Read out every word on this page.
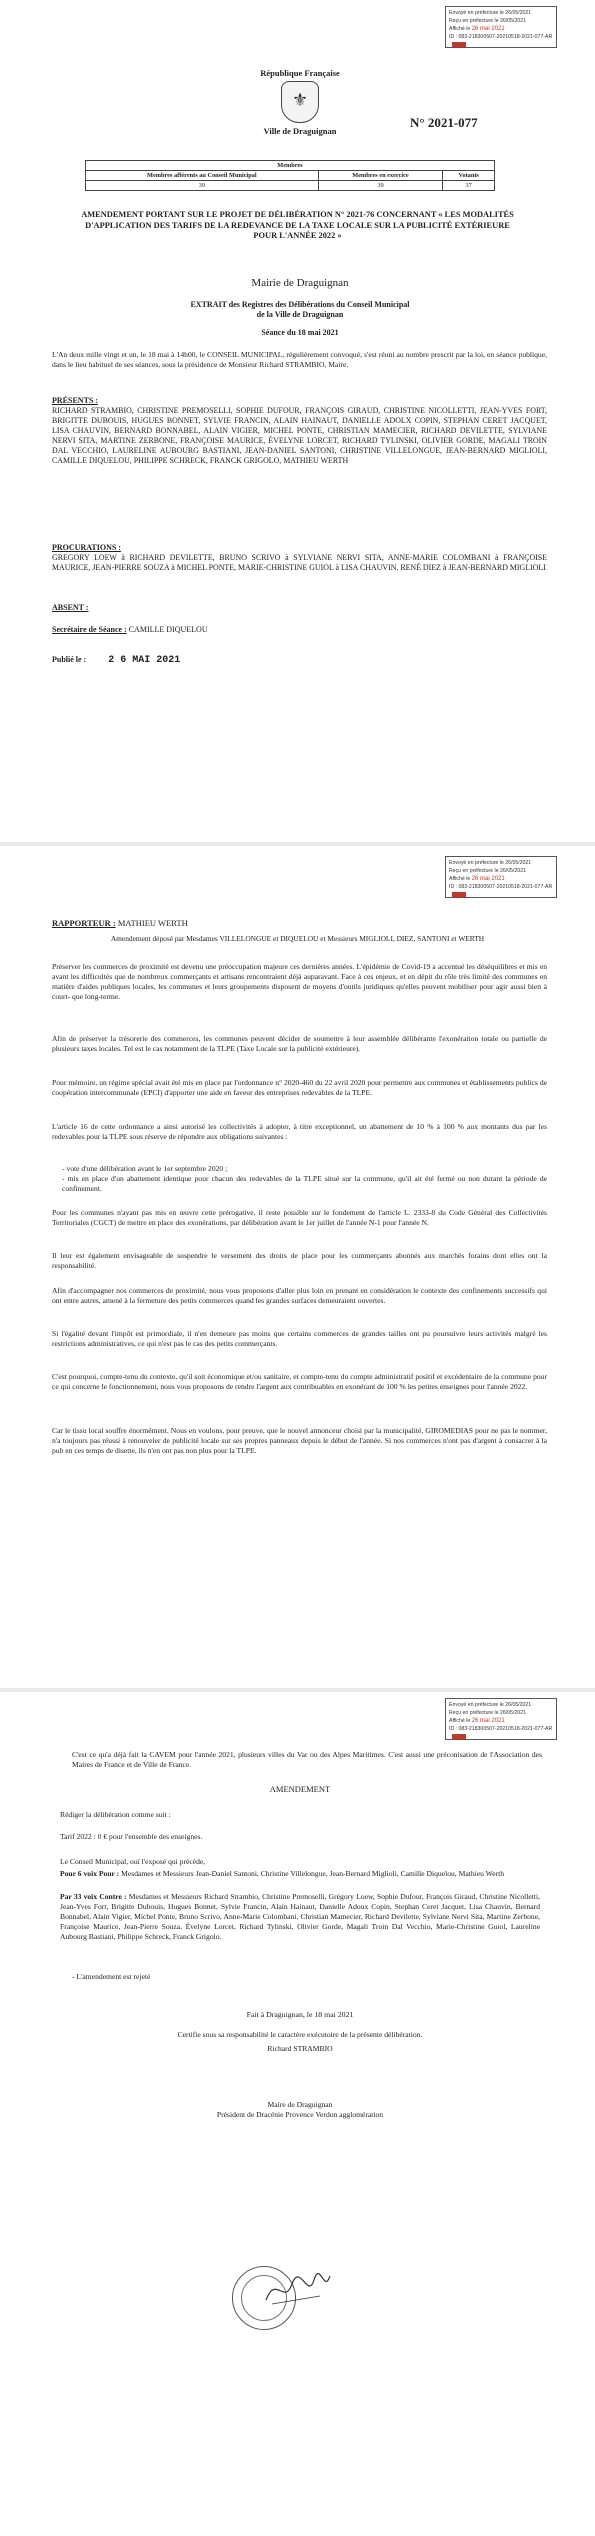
Envoyé en préfecture le 26/05/2021
Reçu en préfecture le 26/05/2021
Affiché le 26 mai 2021
ID : 083-218300507-20210518-2021-077-AR
République Française
⚜
Ville de Draguignan
N° 2021-077
Membres		
Membres afférents au Conseil Municipal	Membres en exercice	Votants
39	39	37
AMENDEMENT PORTANT SUR LE PROJET DE DÉLIBÉRATION N° 2021-76 CONCERNANT « LES MODALITÉS D'APPLICATION DES TARIFS DE LA REDEVANCE DE LA TAXE LOCALE SUR LA PUBLICITÉ EXTÉRIEURE POUR L'ANNÉE 2022 »
Mairie de Draguignan
EXTRAIT des Registres des Délibérations du Conseil Municipal
de la Ville de Draguignan
Séance du 18 mai 2021
L'An deux mille vingt et un, le 18 mai à 14h00, le CONSEIL MUNICIPAL, régulièrement convoqué, s'est réuni au nombre prescrit par la loi, en séance publique, dans le lieu habituel de ses séances, sous la présidence de Monsieur Richard STRAMBIO, Maire.
PRÉSENTS :
RICHARD STRAMBIO, CHRISTINE PREMOSELLI, SOPHIE DUFOUR, FRANÇOIS GIRAUD, CHRISTINE NICOLLETTI, JEAN-YVES FORT, BRIGITTE DUBOUIS, HUGUES BONNET, SYLVIE FRANCIN, ALAIN HAINAUT, DANIELLE ADOLX COPIN, STEPHAN CERET JACQUET, LISA CHAUVIN, BERNARD BONNABEL, ALAIN VIGIER, MICHEL PONTE, CHRISTIAN MAMECIER, RICHARD DEVILETTE, SYLVIANE NERVI SITA, MARTINE ZERBONE, FRANÇOISE MAURICE, ÉVELYNE LORCET, RICHARD TYLINSKI, OLIVIER GORDE, MAGALI TROIN DAL VECCHIO, LAURELINE AUBOURG BASTIANI, JEAN-DANIEL SANTONI, CHRISTINE VILLELONGUE, JEAN-BERNARD MIGLIOLI, CAMILLE DIQUELOU, PHILIPPE SCHRECK, FRANCK GRIGOLO, MATHIEU WERTH
PROCURATIONS :
GREGORY LOEW à RICHARD DEVILETTE, BRUNO SCRIVO à SYLVIANE NERVI SITA, ANNE-MARIE COLOMBANI à FRANÇOISE MAURICE, JEAN-PIERRE SOUZA à MICHEL PONTE, MARIE-CHRISTINE GUIOL à LISA CHAUVIN, RENÉ DIEZ à JEAN-BERNARD MIGLIOLI
ABSENT :
Secrétaire de Séance : CAMILLE DIQUELOU
Publié le : 2 6 MAI 2021
Envoyé en préfecture le 26/05/2021
Reçu en préfecture le 26/05/2021
Affiché le 26 mai 2021
ID : 083-218300507-20210518-2021-077-AR
RAPPORTEUR : MATHIEU WERTH
Amendement déposé par Mesdames VILLELONGUE et DIQUELOU et Messieurs MIGLIOLI, DIEZ, SANTONI et WERTH
Préserver les commerces de proximité est devenu une préoccupation majeure ces dernières années. L'épidémie de Covid-19 a accentué les déséquilibres et mis en avant les difficultés que de nombreux commerçants et artisans rencontraient déjà auparavant. Face à ces enjeux, et en dépit du rôle très limité des communes en matière d'aides publiques locales, les communes et leurs groupements disposent de moyens d'outils juridiques qu'elles peuvent mobiliser pour agir aussi bien à court- que long-terme.
Afin de préserver la trésorerie des commerces, les communes peuvent décider de soumettre à leur assemblée délibérante l'exonération totale ou partielle de plusieurs taxes locales. Tel est le cas notamment de la TLPE (Taxe Locale sur la publicité extérieure).
Pour mémoire, un régime spécial avait été mis en place par l'ordonnance n° 2020-460 du 22 avril 2020 pour permettre aux communes et établissements publics de coopération intercommunale (EPCI) d'apporter une aide en faveur des entreprises redevables de la TLPE.
L'article 16 de cette ordonnance a ainsi autorisé les collectivités à adopter, à titre exceptionnel, un abattement de 10 % à 100 % aux montants dus par les redevables pour la TLPE sous réserve de répondre aux obligations suivantes :
- vote d'une délibération avant le 1er septembre 2020 ;
- mis en place d'un abattement identique pour chacun des redevables de la TLPE situé sur la commune, qu'il ait été fermé ou non durant la période de confinement.
Pour les communes n'ayant pas mis en œuvre cette prérogative, il reste possible sur le fondement de l'article L. 2333-8 du Code Général des Collectivités Territoriales (CGCT) de mettre en place des exonérations, par délibération avant le 1er juillet de l'année N-1 pour l'année N.
Il leur est également envisageable de suspendre le versement des droits de place pour les commerçants abonnés aux marchés forains dont elles ont la responsabilité.
Afin d'accompagner nos commerces de proximité, nous vous proposons d'aller plus loin en prenant en considération le contexte des confinements successifs qui ont entre autres, amené à la fermeture des petits commerces quand les grandes surfaces demeuraient ouvertes.
Si l'égalité devant l'impôt est primordiale, il n'en demeure pas moins que certains commerces de grandes tailles ont pu poursuivre leurs activités malgré les restrictions administratives, ce qui n'est pas le cas des petits commerçants.
C'est pourquoi, compte-tenu du contexte, qu'il soit économique et/ou sanitaire, et compte-tenu du compte administratif positif et excédentaire de la commune pour ce qui concerne le fonctionnement, nous vous proposons de rendre l'argent aux contribuables en exonérant de 100 % les petites enseignes pour l'année 2022.
Car le tissu local souffre énormément. Nous en voulons, pour preuve, que le nouvel annonceur choisi par la municipalité, GIROMEDIAS pour ne pas le nommer, n'a toujours pas réussi à renouveler de publicité locale sur ses propres panneaux depuis le début de l'année. Si nos commerces n'ont pas d'argent à consacrer à la pub en ces temps de disette, ils n'en ont pas non plus pour la TLPE.
Envoyé en préfecture le 26/05/2021
Reçu en préfecture le 26/05/2021
Affiché le 26 mai 2021
ID : 083-218300507-20210518-2021-077-AR
C'est ce qu'a déjà fait la CAVEM pour l'année 2021, plusieurs villes du Var ou des Alpes Maritimes. C'est aussi une préconisation de l'Association des Maires de France et de Ville de France.
AMENDEMENT
Rédiger la délibération comme suit :
Tarif 2022 : 0 € pour l'ensemble des enseignes.
Le Conseil Municipal, ouï l'exposé qui précède,
Pour 6 voix Pour : Mesdames et Messieurs Jean-Daniel Santoni, Christine Villelongue, Jean-Bernard Miglioli, Camille Diquelou, Mathieu Werth
Par 33 voix Contre : Mesdames et Messieurs Richard Strambio, Christine Premoselli, Grégory Loew, Sophie Dufour, François Giraud, Christine Nicolletti, Jean-Yves Fort, Brigitte Dubouis, Hugues Bonnet, Sylvie Francin, Alain Hainaut, Danielle Adoux Copin, Stephan Ceret Jacquet, Lisa Chauvin, Bernard Bonnabel, Alain Vigier, Michel Ponte, Bruno Scrivo, Anne-Marie Colombani, Christian Mamecier, Richard Devilette, Sylviane Nervi Sita, Martine Zerbone, Françoise Maurice, Jean-Pierre Souza, Évelyne Lorcet, Richard Tylinski, Olivier Gorde, Magali Troin Dal Vecchio, Marie-Christine Guiol, Laureline Aubourg Bastiani, Philippe Schreck, Franck Grigolo.
- L'amendement est rejeté
Fait à Draguignan, le 18 mai 2021
Certifie sous sa responsabilité le caractère exécutoire de la présente délibération.
Richard STRAMBIO
Maire de Draguignan
Président de Dracénie Provence Verdon agglomération
